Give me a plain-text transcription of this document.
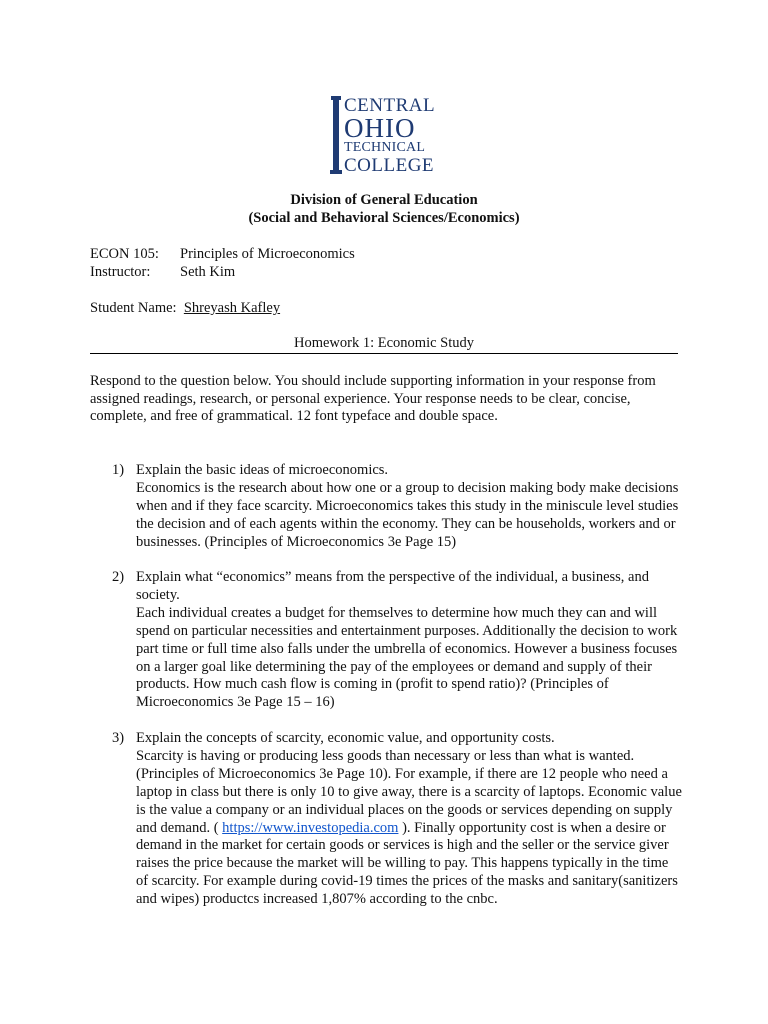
CENTRAL
OHIO
TECHNICAL
COLLEGE
Division of General Education
(Social and Behavioral Sciences/Economics)
ECON 105: Principles of Microeconomics
Instructor: Seth Kim
Student Name: Shreyash Kafley
Homework 1: Economic Study
Respond to the question below. You should include supporting information in your response from assigned readings, research, or personal experience. Your response needs to be clear, concise, complete, and free of grammatical. 12 font typeface and double space.
1) Explain the basic ideas of microeconomics.
Economics is the research about how one or a group to decision making body make decisions when and if they face scarcity. Microeconomics takes this study in the miniscule level studies the decision and of each agents within the economy. They can be households, workers and or businesses. (Principles of Microeconomics 3e Page 15)
2) Explain what “economics” means from the perspective of the individual, a business, and society.
Each individual creates a budget for themselves to determine how much they can and will spend on particular necessities and entertainment purposes. Additionally the decision to work part time or full time also falls under the umbrella of economics. However a business focuses on a larger goal like determining the pay of the employees or demand and supply of their products. How much cash flow is coming in (profit to spend ratio)? (Principles of Microeconomics 3e Page 15 – 16)
3) Explain the concepts of scarcity, economic value, and opportunity costs.
Scarcity is having or producing less goods than necessary or less than what is wanted. (Principles of Microeconomics 3e Page 10). For example, if there are 12 people who need a laptop in class but there is only 10 to give away, there is a scarcity of laptops. Economic value is the value a company or an individual places on the goods or services depending on supply and demand. ( https://www.investopedia.com ). Finally opportunity cost is when a desire or demand in the market for certain goods or services is high and the seller or the service giver raises the price because the market will be willing to pay. This happens typically in the time of scarcity. For example during covid-19 times the prices of the masks and sanitary(sanitizers and wipes) productcs increased 1,807% according to the cnbc.
